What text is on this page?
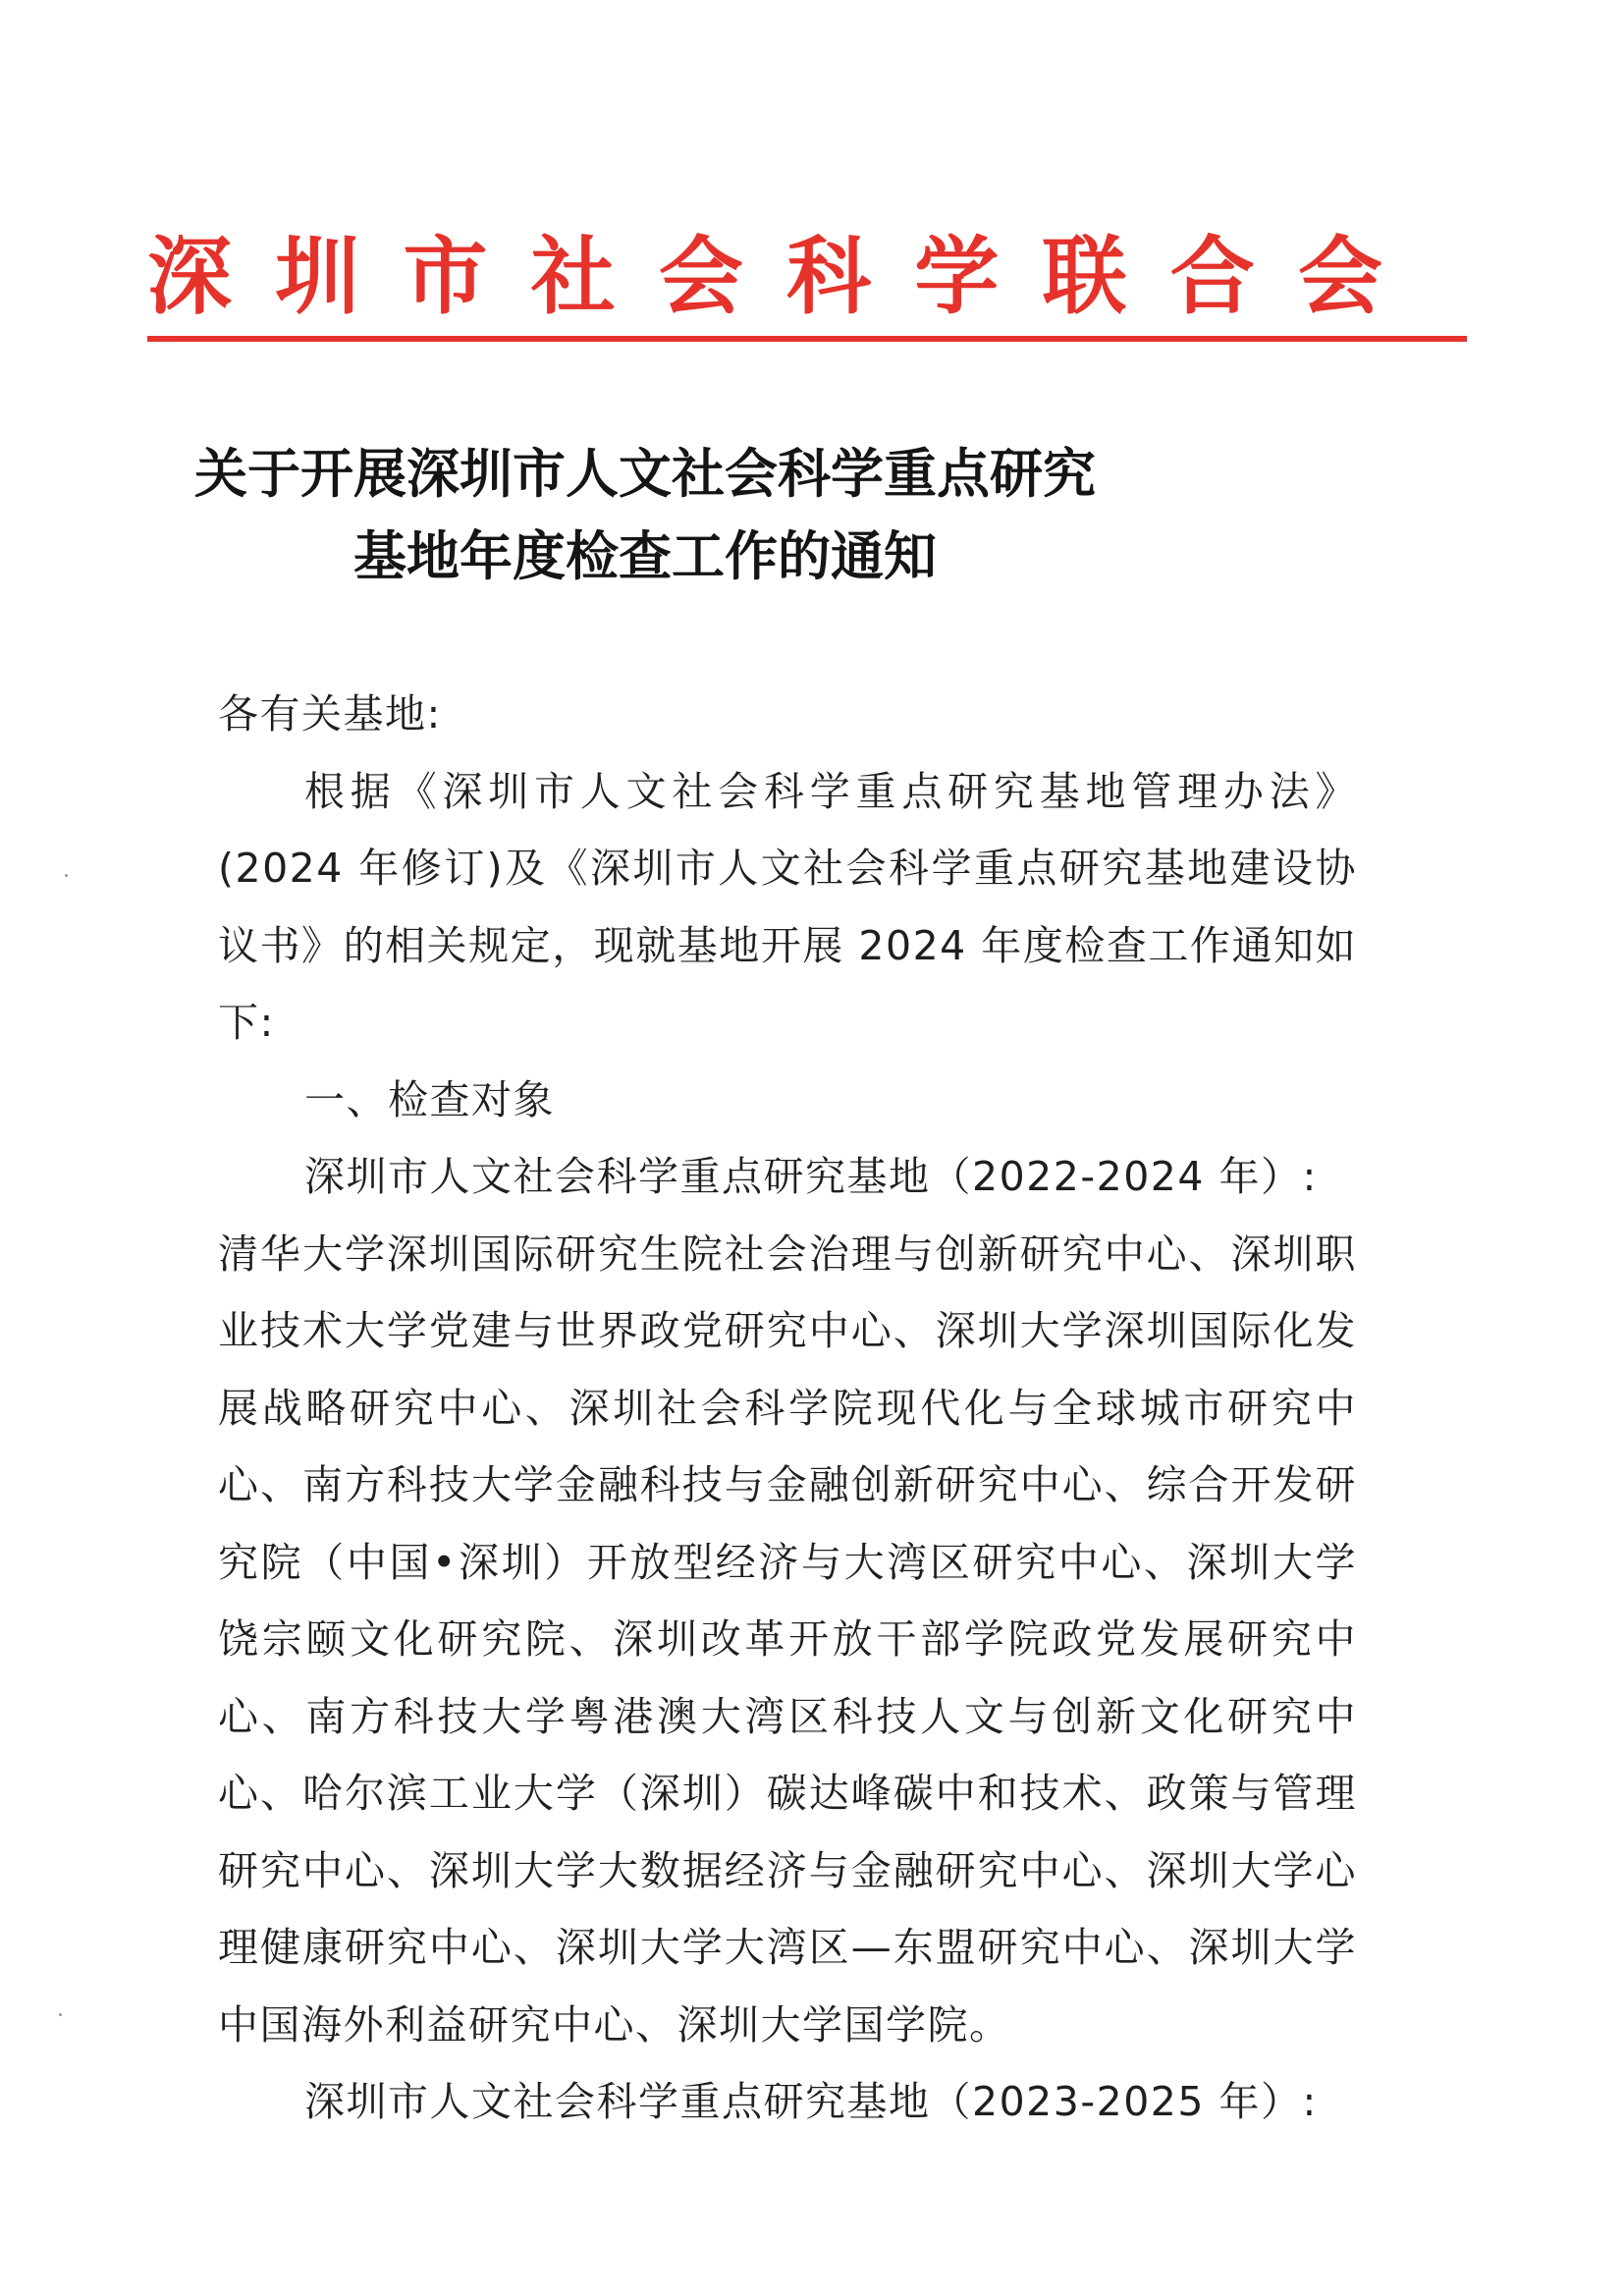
深 圳 市 社 会 科 学 联 合 会
关于开展深圳市人文社会科学重点研究
基地年度检查工作的通知

各有关基地:

根据《深圳市人文社会科学重点研究基地管理办法》(2024 年修订)及《深圳市人文社会科学重点研究基地建设协议书》的相关规定，现就基地开展 2024 年度检查工作通知如下:

一、检查对象

深圳市人文社会科学重点研究基地（2022-2024 年）:

清华大学深圳国际研究生院社会治理与创新研究中心、深圳职业技术大学党建与世界政党研究中心、深圳大学深圳国际化发展战略研究中心、深圳社会科学院现代化与全球城市研究中心、南方科技大学金融科技与金融创新研究中心、综合开发研究院（中国•深圳）开放型经济与大湾区研究中心、深圳大学饶宗颐文化研究院、深圳改革开放干部学院政党发展研究中心、南方科技大学粤港澳大湾区科技人文与创新文化研究中心、哈尔滨工业大学（深圳）碳达峰碳中和技术、政策与管理研究中心、深圳大学大数据经济与金融研究中心、深圳大学心理健康研究中心、深圳大学大湾区—东盟研究中心、深圳大学中国海外利益研究中心、深圳大学国学院。

深圳市人文社会科学重点研究基地（2023-2025 年）:
